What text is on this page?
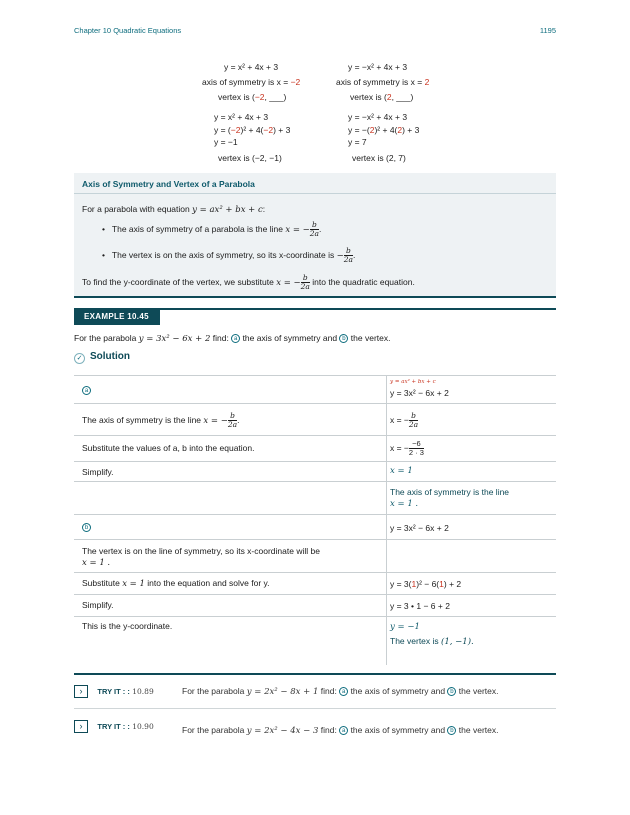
Chapter 10 Quadratic Equations	1195
y = x² + 4x + 3
axis of symmetry is x = −2
vertex is (−2, ___)
y = −x² + 4x + 3
axis of symmetry is x = 2
vertex is (2, ___)
y = x² + 4x + 3
y = (−2)² + 4(−2) + 3
y = −1
vertex is (−2, −1)
y = −x² + 4x + 3
y = −(2)² + 4(2) + 3
y = 7
vertex is (2, 7)
Axis of Symmetry and Vertex of a Parabola
For a parabola with equation y = ax² + bx + c:
• The axis of symmetry of a parabola is the line x = − $\frac{b}{2a}$ .
• The vertex is on the axis of symmetry, so its x-coordinate is − $\frac{b}{2a}$ .
To find the y-coordinate of the vertex, we substitute x = − $\frac{b}{2a}$ into the quadratic equation.
EXAMPLE 10.45
For the parabola y = 3x² − 6x + 2 find: a the axis of symmetry and b the vertex.
✓ Solution
a
y = ax² + bx + c
y = 3x² − 6x + 2
The axis of symmetry is the line x = − $\frac{b}{2a}$ .	x = − $\frac{b}{2a}$
Substitute the values of a, b into the equation.	x = − $\frac{-6}{2 \cdot 3}$
Simplify.	x = 1
The axis of symmetry is the line
x = 1 .
b	y = 3x² − 6x + 2
The vertex is on the line of symmetry, so its x-coordinate will be
x = 1 .
Substitute x = 1 into the equation and solve for y.	y = 3(1)² − 6(1) + 2
Simplify.	y = 3 • 1 − 6 + 2
This is the y-coordinate.	y = −1
The vertex is (1, −1).
› TRY IT : : 10.89	For the parabola y = 2x² − 8x + 1 find: a the axis of symmetry and b the vertex.
› TRY IT : : 10.90	For the parabola y = 2x² − 4x − 3 find: a the axis of symmetry and b the vertex.
